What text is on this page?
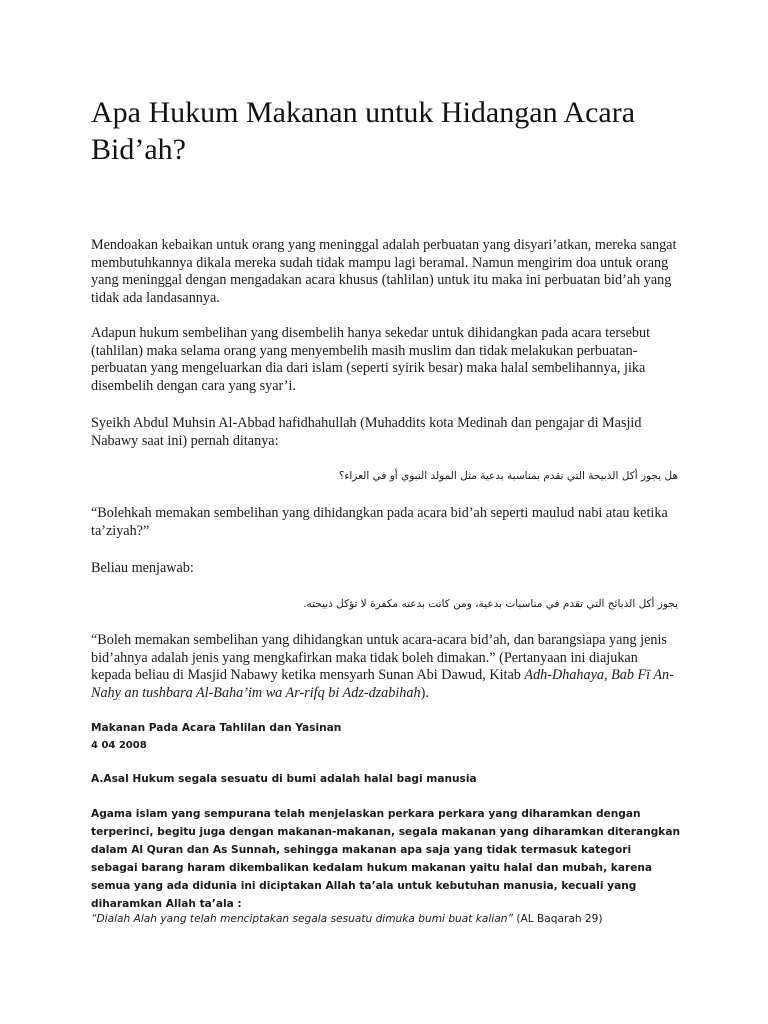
Apa Hukum Makanan untuk Hidangan Acara Bid’ah?

Mendoakan kebaikan untuk orang yang meninggal adalah perbuatan yang disyari’atkan, mereka sangat membutuhkannya dikala mereka sudah tidak mampu lagi beramal. Namun mengirim doa untuk orang yang meninggal dengan mengadakan acara khusus (tahlilan) untuk itu maka ini perbuatan bid’ah yang tidak ada landasannya.

Adapun hukum sembelihan yang disembelih hanya sekedar untuk dihidangkan pada acara tersebut (tahlilan) maka selama orang yang menyembelih masih muslim dan tidak melakukan perbuatan-perbuatan yang mengeluarkan dia dari islam (seperti syirik besar) maka halal sembelihannya, jika disembelih dengan cara yang syar’i.

Syeikh Abdul Muhsin Al-Abbad hafidhahullah (Muhaddits kota Medinah dan pengajar di Masjid Nabawy saat ini) pernah ditanya:

هل يجوز أكل الذبيحة التي تقدم بمناسبة بدعية مثل المولد النبوي أو في العزاء؟

“Bolehkah memakan sembelihan yang dihidangkan pada acara bid’ah seperti maulud nabi atau ketika ta’ziyah?”

Beliau menjawab:

يجوز أكل الذبائح التي تقدم في مناسبات بدعية، ومن كانت بدعته مكفرة لا تؤكل ذبيحته.

“Boleh memakan sembelihan yang dihidangkan untuk acara-acara bid’ah, dan barangsiapa yang jenis bid’ahnya adalah jenis yang mengkafirkan maka tidak boleh dimakan.” (Pertanyaan ini diajukan kepada beliau di Masjid Nabawy ketika mensyarh Sunan Abi Dawud, Kitab Adh-Dhahaya, Bab Fī An-Nahy an tushbara Al-Baha’im wa Ar-rifq bi Adz-dzabihah).

Makanan Pada Acara Tahlilan dan Yasinan

4 04 2008

A.Asal Hukum segala sesuatu di bumi adalah halal bagi manusia

Agama islam yang sempurana telah menjelaskan perkara perkara yang diharamkan dengan terperinci, begitu juga dengan makanan-makanan, segala makanan yang diharamkan diterangkan dalam Al Quran dan As Sunnah, sehingga makanan apa saja yang tidak termasuk kategori sebagai barang haram dikembalikan kedalam hukum makanan yaitu halal dan mubah, karena semua yang ada didunia ini diciptakan Allah ta’ala untuk kebutuhan manusia, kecuali yang diharamkan Allah ta’ala :

“Dialah Alah yang telah menciptakan segala sesuatu dimuka bumi buat kalian” (AL Baqarah 29)
